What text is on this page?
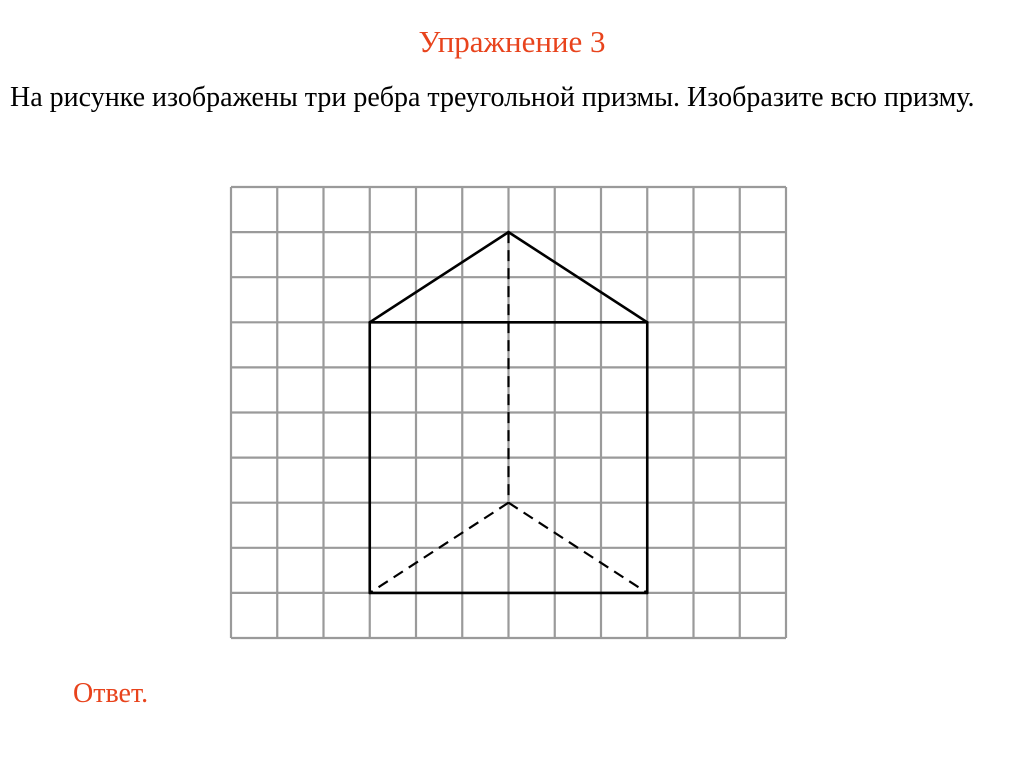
Упражнение 3

На рисунке изображены три ребра треугольной призмы. Изобразите всю призму.

Ответ.
